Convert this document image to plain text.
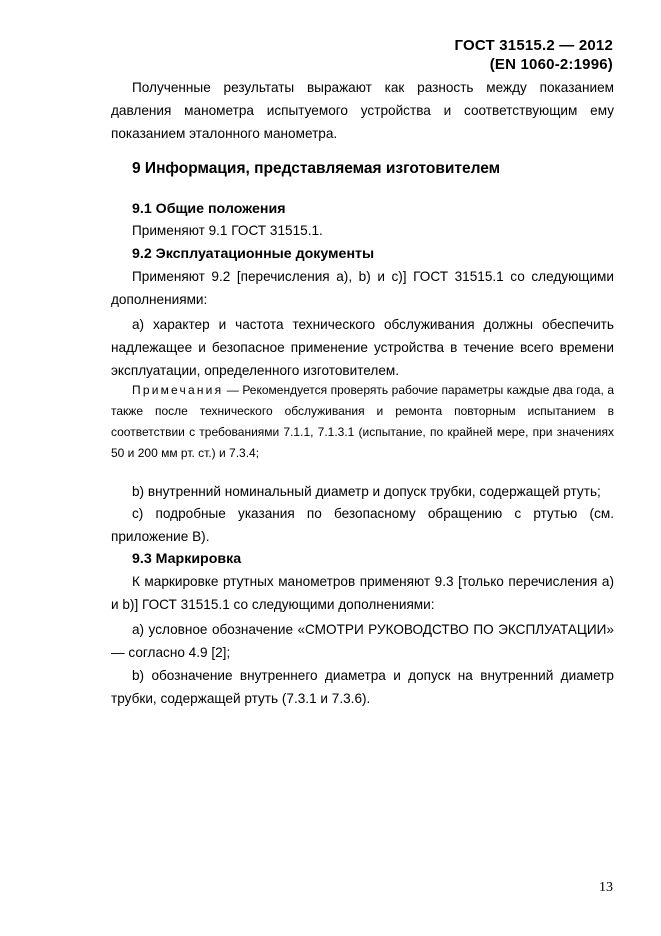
ГОСТ 31515.2 — 2012
(EN 1060-2:1996)

Полученные результаты выражают как разность между показанием давления манометра испытуемого устройства и соответствующим ему показанием эталонного манометра.

9 Информация, представляемая изготовителем
9.1 Общие положения
Применяют 9.1 ГОСТ 31515.1.
9.2 Эксплуатационные документы

Применяют 9.2 [перечисления a), b) и c)] ГОСТ 31515.1 со следующими дополнениями:

a) характер и частота технического обслуживания должны обеспечить надлежащее и безопасное применение устройства в течение всего времени эксплуатации, определенного изготовителем.

Примечания — Рекомендуется проверять рабочие параметры каждые два года, а также после технического обслуживания и ремонта повторным испытанием в соответствии с требованиями 7.1.1, 7.1.3.1 (испытание, по крайней мере, при значениях 50 и 200 мм рт. ст.) и 7.3.4;

b) внутренний номинальный диаметр и допуск трубки, содержащей ртуть;

c) подробные указания по безопасному обращению с ртутью (см. приложение В).

9.3 Маркировка

К маркировке ртутных манометров применяют 9.3 [только перечисления a) и b)] ГОСТ 31515.1 со следующими дополнениями:

a) условное обозначение «СМОТРИ РУКОВОДСТВО ПО ЭКСПЛУАТАЦИИ» — согласно 4.9 [2];

b) обозначение внутреннего диаметра и допуск на внутренний диаметр трубки, содержащей ртуть (7.3.1 и 7.3.6).

13
